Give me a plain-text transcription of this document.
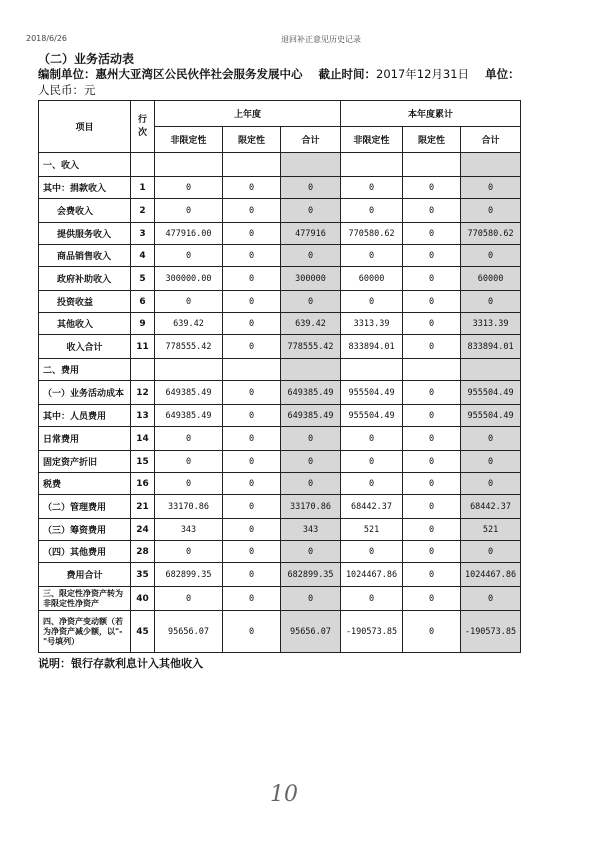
2018/6/26	退回补正意见历史记录
（二）业务活动表
编制单位：惠州大亚湾区公民伙伴社会服务发展中心 截止时间：2017年12月31日 单位：
人民币：元
项目	行次	上年度			本年度累计		
		非限定性	限定性	合计	非限定性	限定性	合计
一、收入							
其中：捐款收入	1	0	0	0	0	0	0
会费收入	2	0	0	0	0	0	0
提供服务收入	3	477916.00	0	477916	770580.62	0	770580.62
商品销售收入	4	0	0	0	0	0	0
政府补助收入	5	300000.00	0	300000	60000	0	60000
投资收益	6	0	0	0	0	0	0
其他收入	9	639.42	0	639.42	3313.39	0	3313.39
收入合计	11	778555.42	0	778555.42	833894.01	0	833894.01
二、费用							
（一）业务活动成本	12	649385.49	0	649385.49	955504.49	0	955504.49
其中：人员费用	13	649385.49	0	649385.49	955504.49	0	955504.49
日常费用	14	0	0	0	0	0	0
固定资产折旧	15	0	0	0	0	0	0
税费	16	0	0	0	0	0	0
（二）管理费用	21	33170.86	0	33170.86	68442.37	0	68442.37
（三）筹资费用	24	343	0	343	521	0	521
（四）其他费用	28	0	0	0	0	0	0
费用合计	35	682899.35	0	682899.35	1024467.86	0	1024467.86
三、限定性净资产转为非限定性净资产	40	0	0	0	0	0	0
四、净资产变动额（若为净资产减少额，以"-"号填列）	45	95656.07	0	95656.07	-190573.85	0	-190573.85
说明：银行存款利息计入其他收入
10
